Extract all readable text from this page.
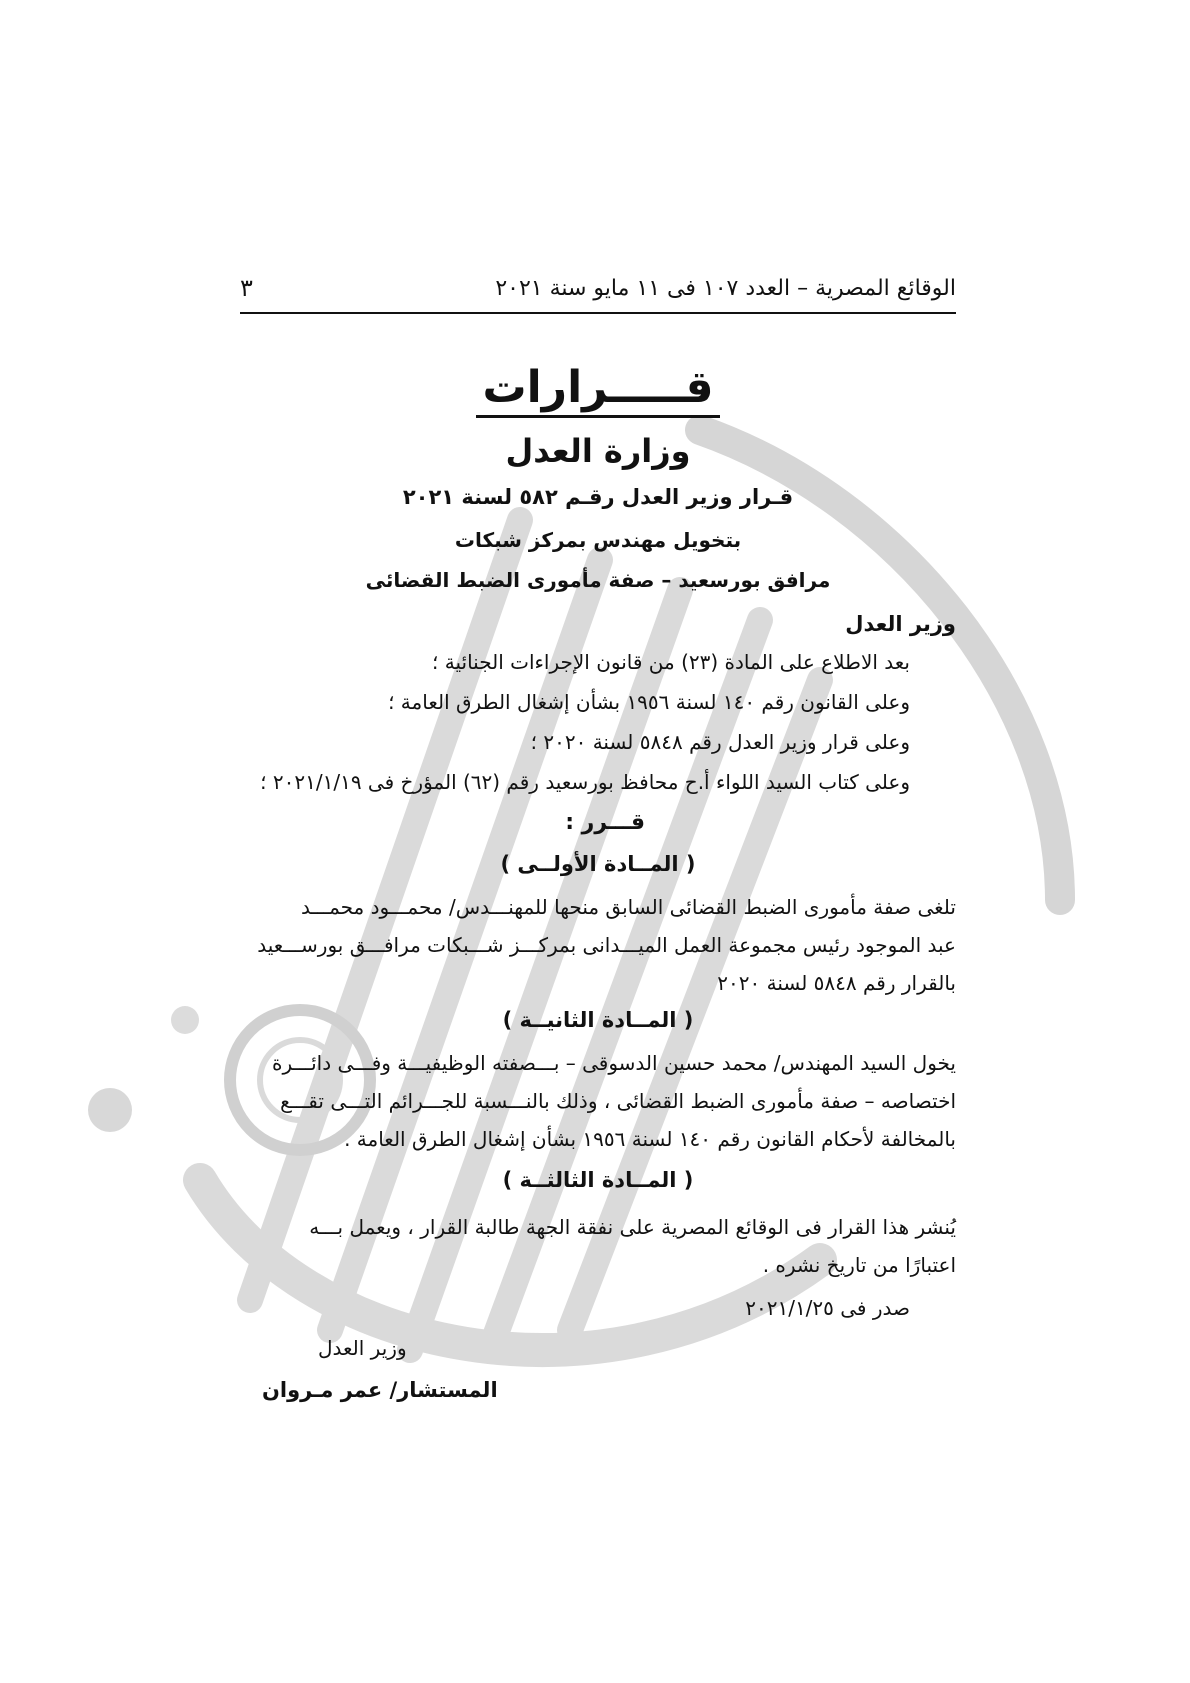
الوقائع المصرية – العدد ١٠٧ فى ١١ مايو سنة ٢٠٢١
٣
قـــــرارات
وزارة العدل
قـرار وزير العدل رقـم ٥٨٢ لسنة ٢٠٢١
بتخويل مهندس بمركز شبكات
مرافق بورسعيد – صفة مأمورى الضبط القضائى
وزير العدل
بعد الاطلاع على المادة (٢٣) من قانون الإجراءات الجنائية ؛
وعلى القانون رقم ١٤٠ لسنة ١٩٥٦ بشأن إشغال الطرق العامة ؛
وعلى قرار وزير العدل رقم ٥٨٤٨ لسنة ٢٠٢٠ ؛
وعلى كتاب السيد اللواء أ.ح محافظ بورسعيد رقم (٦٢) المؤرخ فى ٢٠٢١/١/١٩ ؛
قـــرر :
( المــادة الأولــى )
تلغى صفة مأمورى الضبط القضائى السابق منحها للمهنـــدس/ محمـــود محمـــد
عبد الموجود رئيس مجموعة العمل الميـــدانى بمركـــز شـــبكات مرافـــق بورســـعيد
بالقرار رقم ٥٨٤٨ لسنة ٢٠٢٠
( المــادة الثانيــة )
يخول السيد المهندس/ محمد حسين الدسوقى – بـــصفته الوظيفيـــة وفـــى دائـــرة
اختصاصه – صفة مأمورى الضبط القضائى ، وذلك بالنـــسبة للجـــرائم التـــى تقـــع
بالمخالفة لأحكام القانون رقم ١٤٠ لسنة ١٩٥٦ بشأن إشغال الطرق العامة .
( المــادة الثالثــة )
يُنشر هذا القرار فى الوقائع المصرية على نفقة الجهة طالبة القرار ، ويعمل بـــه
اعتبارًا من تاريخ نشره .
صدر فى ٢٠٢١/١/٢٥
وزير العدل
المستشار/ عمر مـروان
